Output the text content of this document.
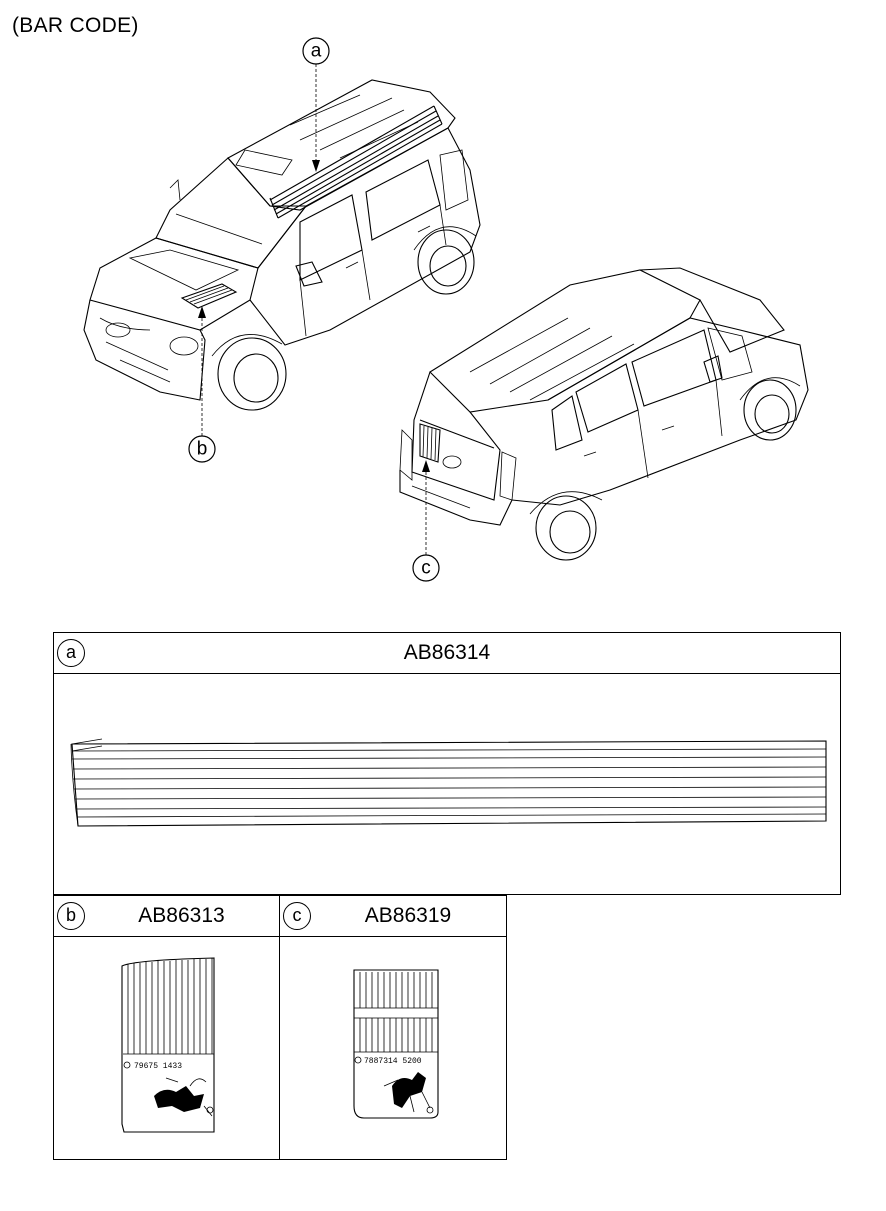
(BAR CODE)
a
b
c
a	AB86314
b	AB86313
79675 1433
c	AB86319
7887314 5200
